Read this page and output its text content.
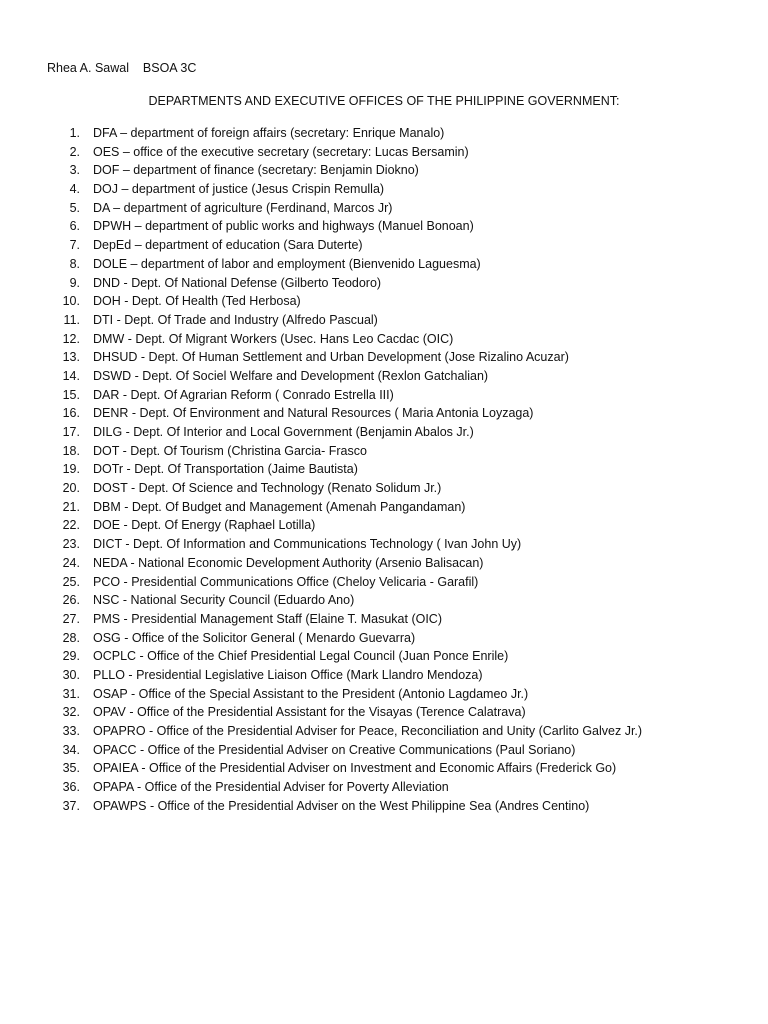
Rhea A. Sawal BSOA 3C
DEPARTMENTS AND EXECUTIVE OFFICES OF THE PHILIPPINE GOVERNMENT:
1. DFA – department of foreign affairs (secretary: Enrique Manalo)
2. OES – office of the executive secretary (secretary: Lucas Bersamin)
3. DOF – department of finance (secretary: Benjamin Diokno)
4. DOJ – department of justice (Jesus Crispin Remulla)
5. DA – department of agriculture (Ferdinand, Marcos Jr)
6. DPWH – department of public works and highways (Manuel Bonoan)
7. DepEd – department of education (Sara Duterte)
8. DOLE – department of labor and employment (Bienvenido Laguesma)
9. DND - Dept. Of National Defense (Gilberto Teodoro)
10. DOH - Dept. Of Health (Ted Herbosa)
11. DTI - Dept. Of Trade and Industry (Alfredo Pascual)
12. DMW - Dept. Of Migrant Workers (Usec. Hans Leo Cacdac (OIC)
13. DHSUD - Dept. Of Human Settlement and Urban Development (Jose Rizalino Acuzar)
14. DSWD - Dept. Of Sociel Welfare and Development (Rexlon Gatchalian)
15. DAR - Dept. Of Agrarian Reform ( Conrado Estrella III)
16. DENR - Dept. Of Environment and Natural Resources ( Maria Antonia Loyzaga)
17. DILG - Dept. Of Interior and Local Government (Benjamin Abalos Jr.)
18. DOT - Dept. Of Tourism (Christina Garcia- Frasco
19. DOTr - Dept. Of Transportation (Jaime Bautista)
20. DOST - Dept. Of Science and Technology (Renato Solidum Jr.)
21. DBM - Dept. Of Budget and Management (Amenah Pangandaman)
22. DOE - Dept. Of Energy (Raphael Lotilla)
23. DICT - Dept. Of Information and Communications Technology ( Ivan John Uy)
24. NEDA - National Economic Development Authority (Arsenio Balisacan)
25. PCO - Presidential Communications Office (Cheloy Velicaria - Garafil)
26. NSC - National Security Council (Eduardo Ano)
27. PMS - Presidential Management Staff (Elaine T. Masukat (OIC)
28. OSG - Office of the Solicitor General ( Menardo Guevarra)
29. OCPLC - Office of the Chief Presidential Legal Council (Juan Ponce Enrile)
30. PLLO - Presidential Legislative Liaison Office (Mark Llandro Mendoza)
31. OSAP - Office of the Special Assistant to the President (Antonio Lagdameo Jr.)
32. OPAV - Office of the Presidential Assistant for the Visayas (Terence Calatrava)
33. OPAPRO - Office of the Presidential Adviser for Peace, Reconciliation and Unity (Carlito Galvez Jr.)
34. OPACC - Office of the Presidential Adviser on Creative Communications (Paul Soriano)
35. OPAIEA - Office of the Presidential Adviser on Investment and Economic Affairs (Frederick Go)
36. OPAPA - Office of the Presidential Adviser for Poverty Alleviation
37. OPAWPS - Office of the Presidential Adviser on the West Philippine Sea (Andres Centino)
